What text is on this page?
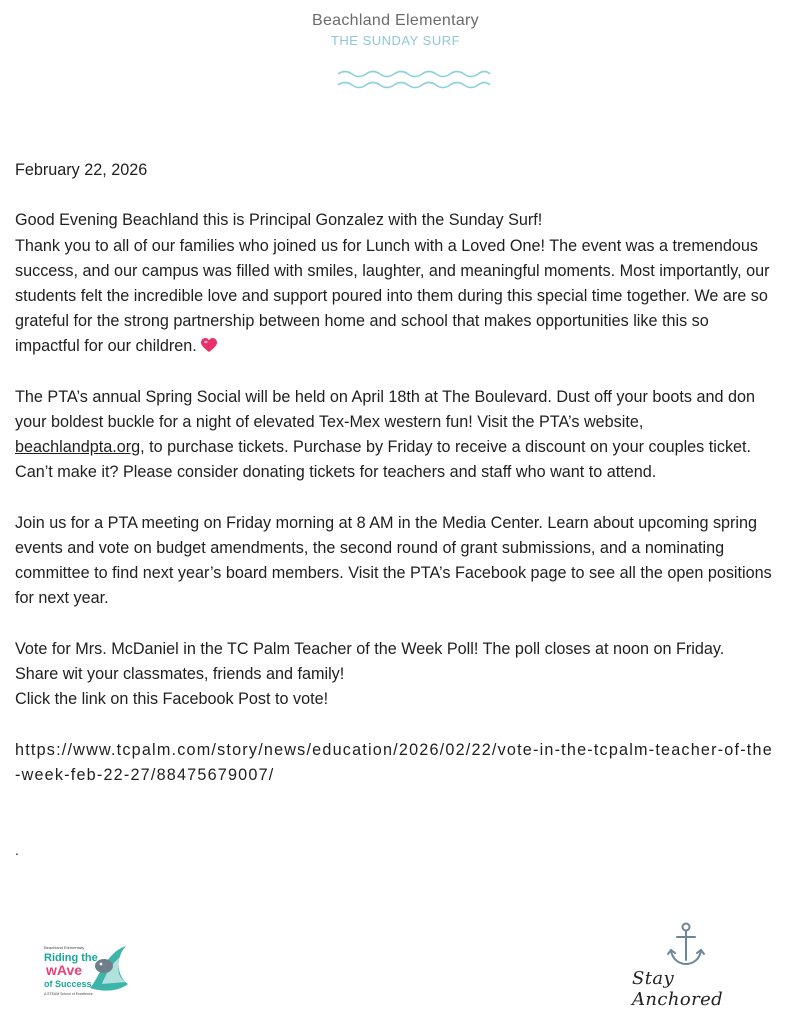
Beachland Elementary
THE SUNDAY SURF

February 22, 2026

Good Evening Beachland this is Principal Gonzalez with the Sunday Surf!

Thank you to all of our families who joined us for Lunch with a Loved One! The event was a tremendous success, and our campus was filled with smiles, laughter, and meaningful moments. Most importantly, our students felt the incredible love and support poured into them during this special time together. We are so grateful for the strong partnership between home and school that makes opportunities like this so impactful for our children.

The PTA’s annual Spring Social will be held on April 18th at The Boulevard. Dust off your boots and don your boldest buckle for a night of elevated Tex-Mex western fun! Visit the PTA’s website, beachlandpta.org, to purchase tickets. Purchase by Friday to receive a discount on your couples ticket. Can’t make it? Please consider donating tickets for teachers and staff who want to attend.

Join us for a PTA meeting on Friday morning at 8 AM in the Media Center. Learn about upcoming spring events and vote on budget amendments, the second round of grant submissions, and a nominating committee to find next year’s board members. Visit the PTA’s Facebook page to see all the open positions for next year.

Vote for Mrs. McDaniel in the TC Palm Teacher of the Week Poll! The poll closes at noon on Friday.

Share wit your classmates, friends and family!

Click the link on this Facebook Post to vote!

https://www.tcpalm.com/story/news/education/2026/02/22/vote-in-the-tcpalm-teacher-of-the-week-feb-22-27/88475679007/

.
Beachland Elementary
Riding the
wAve
of Success
A STEAM School of Excellence
Stay Anchored
